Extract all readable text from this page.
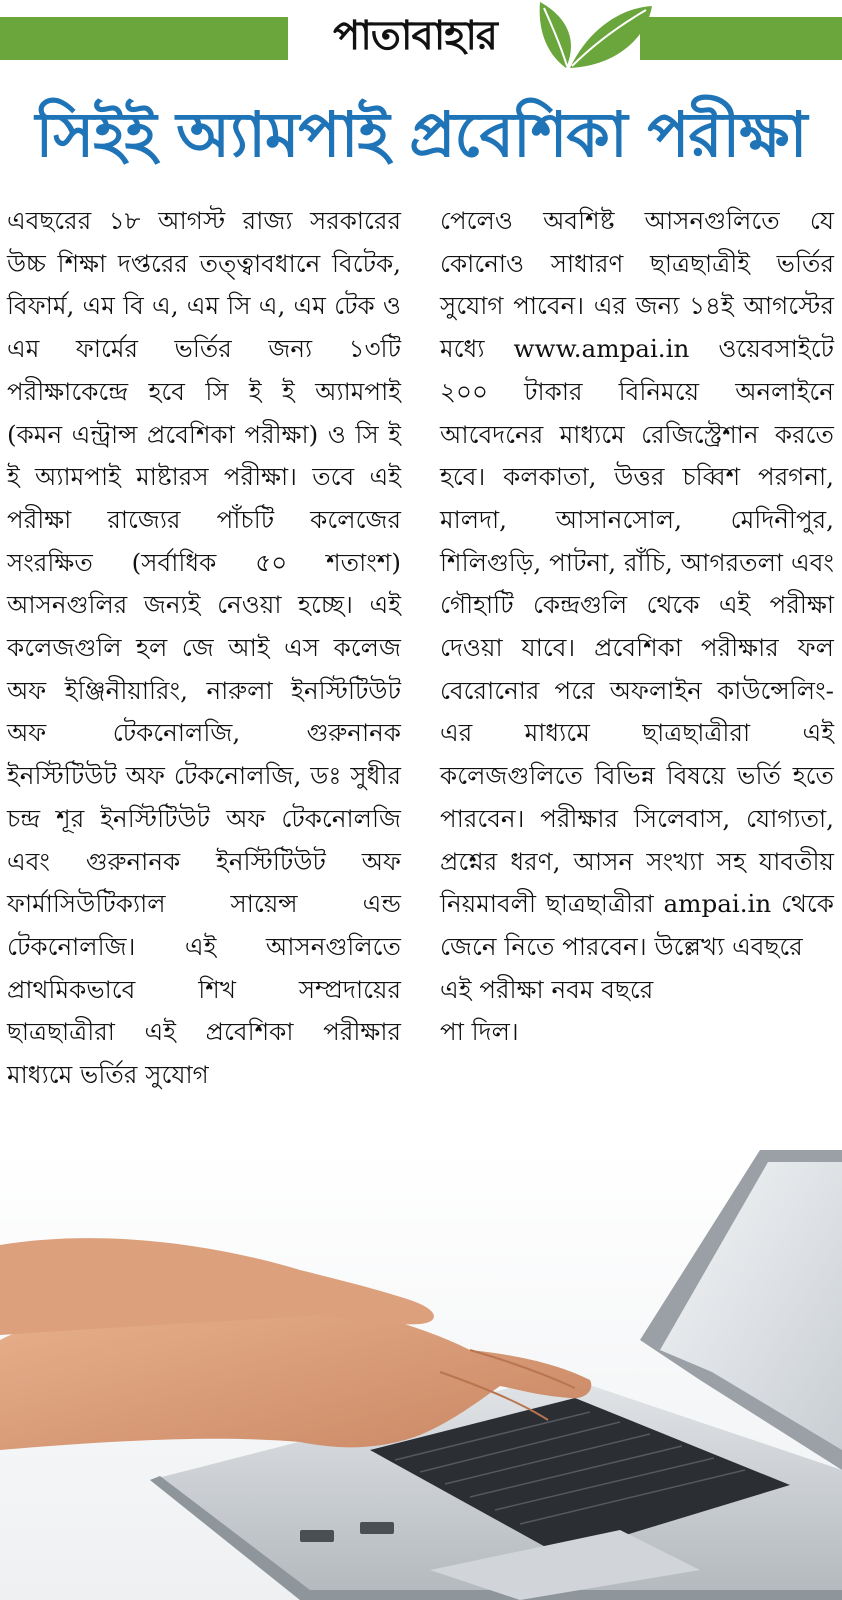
পাতাবাহার
সিইই অ্যামপাই প্রবেশিকা পরীক্ষা

এবছরের ১৮ আগস্ট রাজ্য সরকারের উচ্চ শিক্ষা দপ্তরের তত্ত্বাবধানে বিটেক, বিফার্ম, এম বি এ, এম সি এ, এম টেক ও এম ফার্মের ভর্তির জন্য ১৩টি পরীক্ষাকেন্দ্রে হবে সি ই ই অ্যামপাই (কমন এন্ট্রান্স প্রবেশিকা পরীক্ষা) ও সি ই ই অ্যামপাই মাষ্টারস পরীক্ষা। তবে এই পরীক্ষা রাজ্যের পাঁচটি কলেজের সংরক্ষিত (সর্বাধিক ৫০ শতাংশ) আসনগুলির জন্যই নেওয়া হচ্ছে। এই কলেজগুলি হল জে আই এস কলেজ অফ ইঞ্জিনীয়ারিং, নারুলা ইনস্টিটিউট অফ টেকনোলজি, গুরুনানক ইনস্টিটিউট অফ টেকনোলজি, ডঃ সুধীর চন্দ্র শূর ইনস্টিটিউট অফ টেকনোলজি এবং গুরুনানক ইনস্টিটিউট অফ ফার্মাসিউটিক্যাল সায়েন্স এন্ড টেকনোলজি। এই আসনগুলিতে প্রাথমিকভাবে শিখ সম্প্রদায়ের ছাত্রছাত্রীরা এই প্রবেশিকা পরীক্ষার মাধ্যমে ভর্তির সুযোগ

পেলেও অবশিষ্ট আসনগুলিতে যে কোনোও সাধারণ ছাত্রছাত্রীই ভর্তির সুযোগ পাবেন। এর জন্য ১৪ই আগস্টের মধ্যে www.ampai.in ওয়েবসাইটে ২০০ টাকার বিনিময়ে অনলাইনে আবেদনের মাধ্যমে রেজিস্ট্রেশান করতে হবে। কলকাতা, উত্তর চব্বিশ পরগনা, মালদা, আসানসোল, মেদিনীপুর, শিলিগুড়ি, পাটনা, রাঁচি, আগরতলা এবং গৌহাটি কেন্দ্রগুলি থেকে এই পরীক্ষা দেওয়া যাবে। প্রবেশিকা পরীক্ষার ফল বেরোনোর পরে অফলাইন কাউন্সেলিং-এর মাধ্যমে ছাত্রছাত্রীরা এই কলেজগুলিতে বিভিন্ন বিষয়ে ভর্তি হতে পারবেন। পরীক্ষার সিলেবাস, যোগ্যতা, প্রশ্নের ধরণ, আসন সংখ্যা সহ যাবতীয় নিয়মাবলী ছাত্রছাত্রীরা ampai.in থেকে জেনে নিতে পারবেন। উল্লেখ্য এবছরে

এই পরীক্ষা নবম বছরে
পা দিল।
